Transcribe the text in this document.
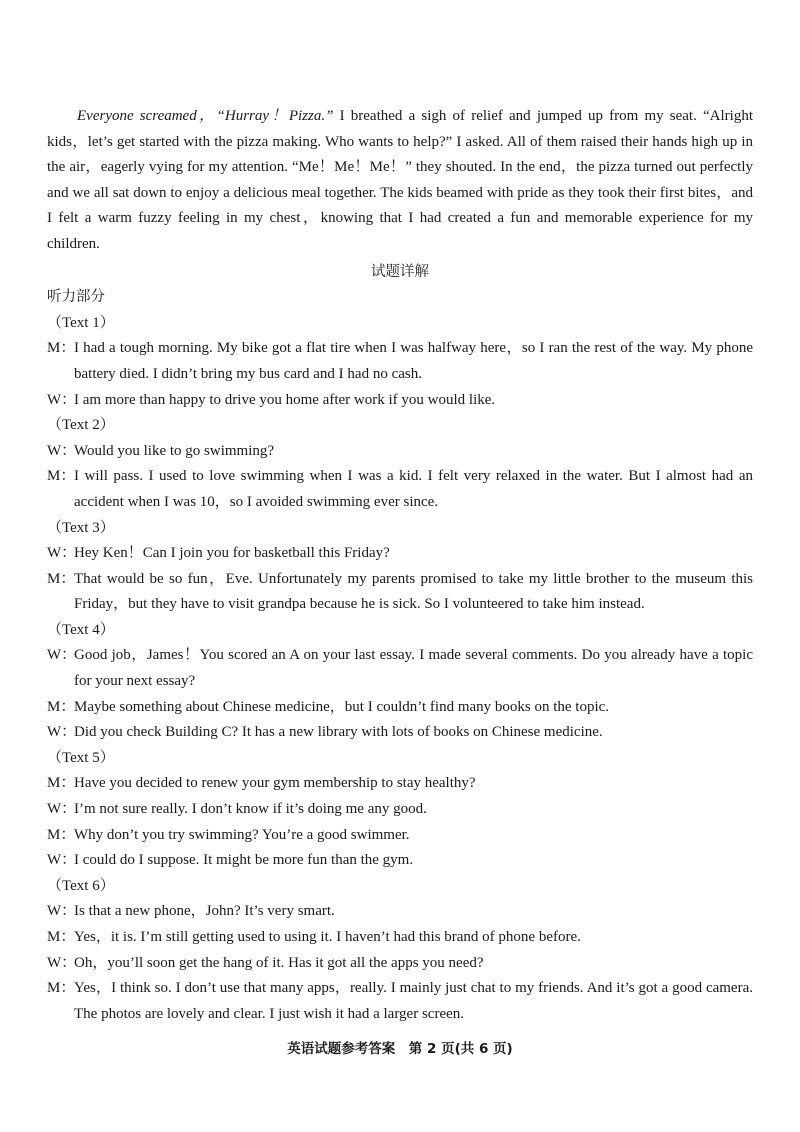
Everyone screamed，“Hurray！Pizza.” I breathed a sigh of relief and jumped up from my seat. “Alright kids，let’s get started with the pizza making. Who wants to help?” I asked. All of them raised their hands high up in the air，eagerly vying for my attention. “Me！Me！Me！” they shouted. In the end，the pizza turned out perfectly and we all sat down to enjoy a delicious meal together. The kids beamed with pride as they took their first bites，and I felt a warm fuzzy feeling in my chest，knowing that I had created a fun and memorable experience for my children.

试题详解
听力部分
（Text 1）
M：
I had a tough morning. My bike got a flat tire when I was halfway here，so I ran the rest of the way. My phone battery died. I didn’t bring my bus card and I had no cash.
W：
I am more than happy to drive you home after work if you would like.
（Text 2）
W：
Would you like to go swimming?
M：
I will pass. I used to love swimming when I was a kid. I felt very relaxed in the water. But I almost had an accident when I was 10，so I avoided swimming ever since.
（Text 3）
W：
Hey Ken！Can I join you for basketball this Friday?
M：
That would be so fun，Eve. Unfortunately my parents promised to take my little brother to the museum this Friday，but they have to visit grandpa because he is sick. So I volunteered to take him instead.
（Text 4）
W：
Good job，James！You scored an A on your last essay. I made several comments. Do you already have a topic for your next essay?
M：
Maybe something about Chinese medicine，but I couldn’t find many books on the topic.
W：
Did you check Building C? It has a new library with lots of books on Chinese medicine.
（Text 5）
M：
Have you decided to renew your gym membership to stay healthy?
W：
I’m not sure really. I don’t know if it’s doing me any good.
M：
Why don’t you try swimming? You’re a good swimmer.
W：
I could do I suppose. It might be more fun than the gym.
（Text 6）
W：
Is that a new phone，John? It’s very smart.
M：
Yes，it is. I’m still getting used to using it. I haven’t had this brand of phone before.
W：
Oh，you’ll soon get the hang of it. Has it got all the apps you need?
M：
Yes，I think so. I don’t use that many apps，really. I mainly just chat to my friends. And it’s got a good camera. The photos are lovely and clear. I just wish it had a larger screen.
英语试题参考答案　第 2 页(共 6 页)
